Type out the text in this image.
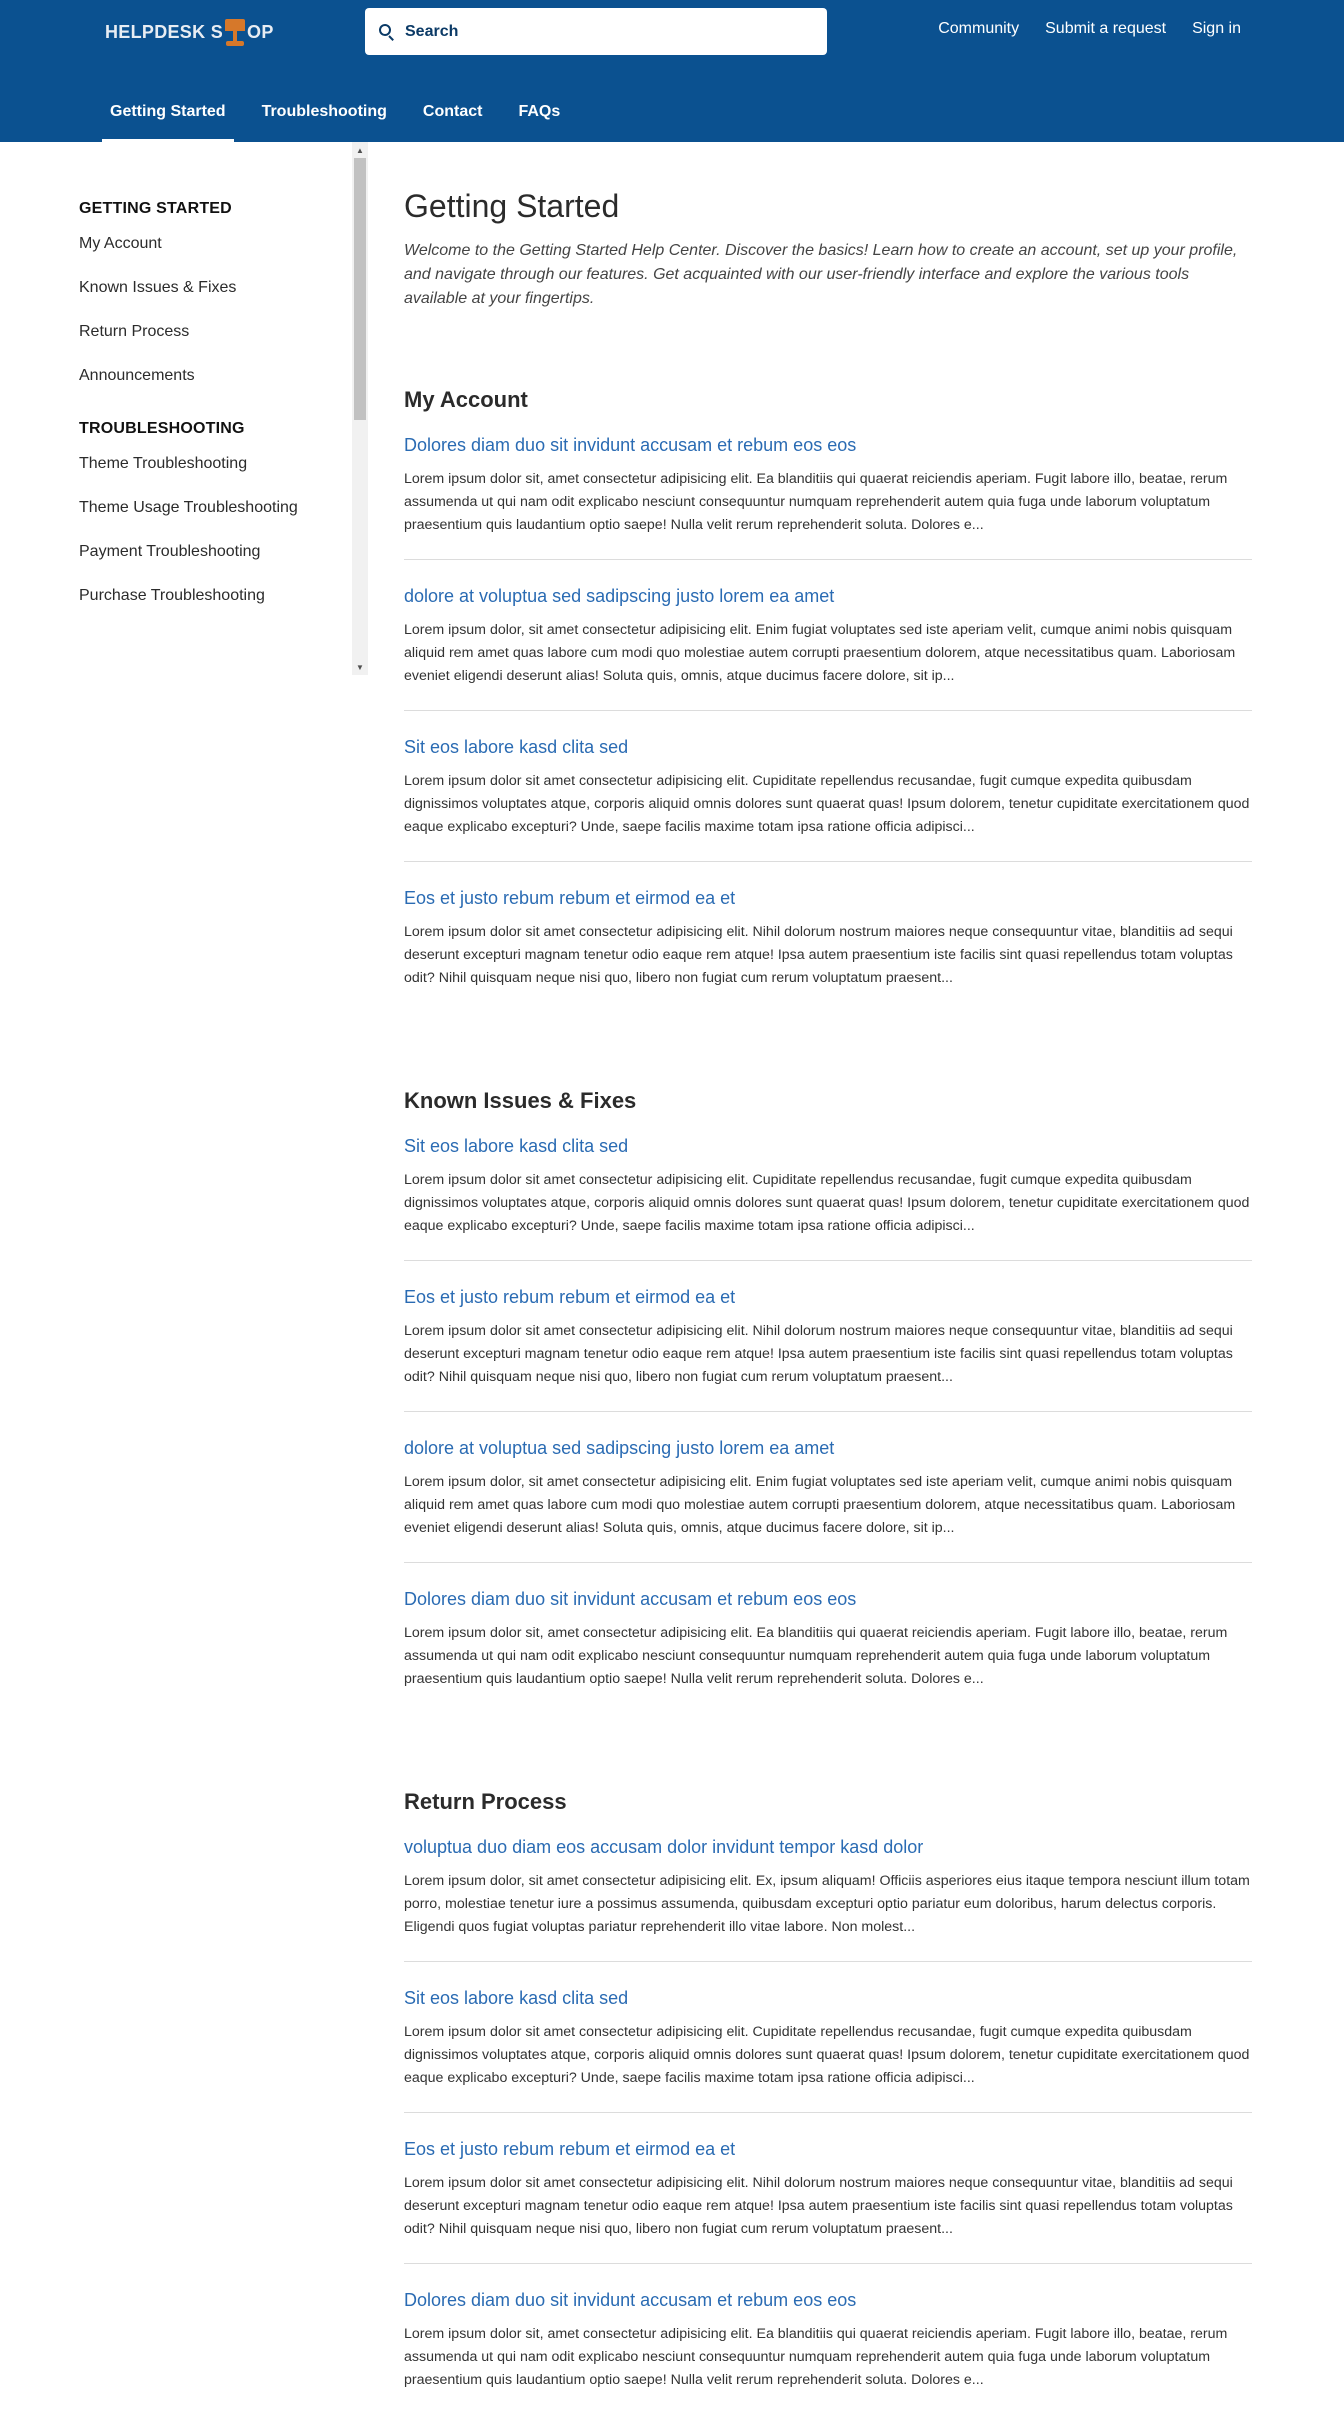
HELPDESK S OP
Search	Community Submit a request Sign in
Getting Started	Troubleshooting	Contact	FAQs
GETTING STARTED
My Account
Known Issues & Fixes
Return Process
Announcements
TROUBLESHOOTING
Theme Troubleshooting
Theme Usage Troubleshooting
Payment Troubleshooting
Purchase Troubleshooting
▲
▼
Getting Started

Welcome to the Getting Started Help Center. Discover the basics! Learn how to create an account, set up your profile, and navigate through our features. Get acquainted with our user-friendly interface and explore the various tools available at your fingertips.

My Account
Dolores diam duo sit invidunt accusam et rebum eos eos

Lorem ipsum dolor sit, amet consectetur adipisicing elit. Ea blanditiis qui quaerat reiciendis aperiam. Fugit labore illo, beatae, rerum assumenda ut qui nam odit explicabo nesciunt consequuntur numquam reprehenderit autem quia fuga unde laborum voluptatum praesentium quis laudantium optio saepe! Nulla velit rerum reprehenderit soluta. Dolores e...

dolore at voluptua sed sadipscing justo lorem ea amet

Lorem ipsum dolor, sit amet consectetur adipisicing elit. Enim fugiat voluptates sed iste aperiam velit, cumque animi nobis quisquam aliquid rem amet quas labore cum modi quo molestiae autem corrupti praesentium dolorem, atque necessitatibus quam. Laboriosam eveniet eligendi deserunt alias! Soluta quis, omnis, atque ducimus facere dolore, sit ip...

Sit eos labore kasd clita sed

Lorem ipsum dolor sit amet consectetur adipisicing elit. Cupiditate repellendus recusandae, fugit cumque expedita quibusdam dignissimos voluptates atque, corporis aliquid omnis dolores sunt quaerat quas! Ipsum dolorem, tenetur cupiditate exercitationem quod eaque explicabo excepturi? Unde, saepe facilis maxime totam ipsa ratione officia adipisci...

Eos et justo rebum rebum et eirmod ea et

Lorem ipsum dolor sit amet consectetur adipisicing elit. Nihil dolorum nostrum maiores neque consequuntur vitae, blanditiis ad sequi deserunt excepturi magnam tenetur odio eaque rem atque! Ipsa autem praesentium iste facilis sint quasi repellendus totam voluptas odit? Nihil quisquam neque nisi quo, libero non fugiat cum rerum voluptatum praesent...

Known Issues & Fixes
Sit eos labore kasd clita sed

Lorem ipsum dolor sit amet consectetur adipisicing elit. Cupiditate repellendus recusandae, fugit cumque expedita quibusdam dignissimos voluptates atque, corporis aliquid omnis dolores sunt quaerat quas! Ipsum dolorem, tenetur cupiditate exercitationem quod eaque explicabo excepturi? Unde, saepe facilis maxime totam ipsa ratione officia adipisci...

Eos et justo rebum rebum et eirmod ea et

Lorem ipsum dolor sit amet consectetur adipisicing elit. Nihil dolorum nostrum maiores neque consequuntur vitae, blanditiis ad sequi deserunt excepturi magnam tenetur odio eaque rem atque! Ipsa autem praesentium iste facilis sint quasi repellendus totam voluptas odit? Nihil quisquam neque nisi quo, libero non fugiat cum rerum voluptatum praesent...

dolore at voluptua sed sadipscing justo lorem ea amet

Lorem ipsum dolor, sit amet consectetur adipisicing elit. Enim fugiat voluptates sed iste aperiam velit, cumque animi nobis quisquam aliquid rem amet quas labore cum modi quo molestiae autem corrupti praesentium dolorem, atque necessitatibus quam. Laboriosam eveniet eligendi deserunt alias! Soluta quis, omnis, atque ducimus facere dolore, sit ip...

Dolores diam duo sit invidunt accusam et rebum eos eos

Lorem ipsum dolor sit, amet consectetur adipisicing elit. Ea blanditiis qui quaerat reiciendis aperiam. Fugit labore illo, beatae, rerum assumenda ut qui nam odit explicabo nesciunt consequuntur numquam reprehenderit autem quia fuga unde laborum voluptatum praesentium quis laudantium optio saepe! Nulla velit rerum reprehenderit soluta. Dolores e...

Return Process
voluptua duo diam eos accusam dolor invidunt tempor kasd dolor

Lorem ipsum dolor, sit amet consectetur adipisicing elit. Ex, ipsum aliquam! Officiis asperiores eius itaque tempora nesciunt illum totam porro, molestiae tenetur iure a possimus assumenda, quibusdam excepturi optio pariatur eum doloribus, harum delectus corporis. Eligendi quos fugiat voluptas pariatur reprehenderit illo vitae labore. Non molest...

Sit eos labore kasd clita sed

Lorem ipsum dolor sit amet consectetur adipisicing elit. Cupiditate repellendus recusandae, fugit cumque expedita quibusdam dignissimos voluptates atque, corporis aliquid omnis dolores sunt quaerat quas! Ipsum dolorem, tenetur cupiditate exercitationem quod eaque explicabo excepturi? Unde, saepe facilis maxime totam ipsa ratione officia adipisci...

Eos et justo rebum rebum et eirmod ea et

Lorem ipsum dolor sit amet consectetur adipisicing elit. Nihil dolorum nostrum maiores neque consequuntur vitae, blanditiis ad sequi deserunt excepturi magnam tenetur odio eaque rem atque! Ipsa autem praesentium iste facilis sint quasi repellendus totam voluptas odit? Nihil quisquam neque nisi quo, libero non fugiat cum rerum voluptatum praesent...

Dolores diam duo sit invidunt accusam et rebum eos eos

Lorem ipsum dolor sit, amet consectetur adipisicing elit. Ea blanditiis qui quaerat reiciendis aperiam. Fugit labore illo, beatae, rerum assumenda ut qui nam odit explicabo nesciunt consequuntur numquam reprehenderit autem quia fuga unde laborum voluptatum praesentium quis laudantium optio saepe! Nulla velit rerum reprehenderit soluta. Dolores e...
